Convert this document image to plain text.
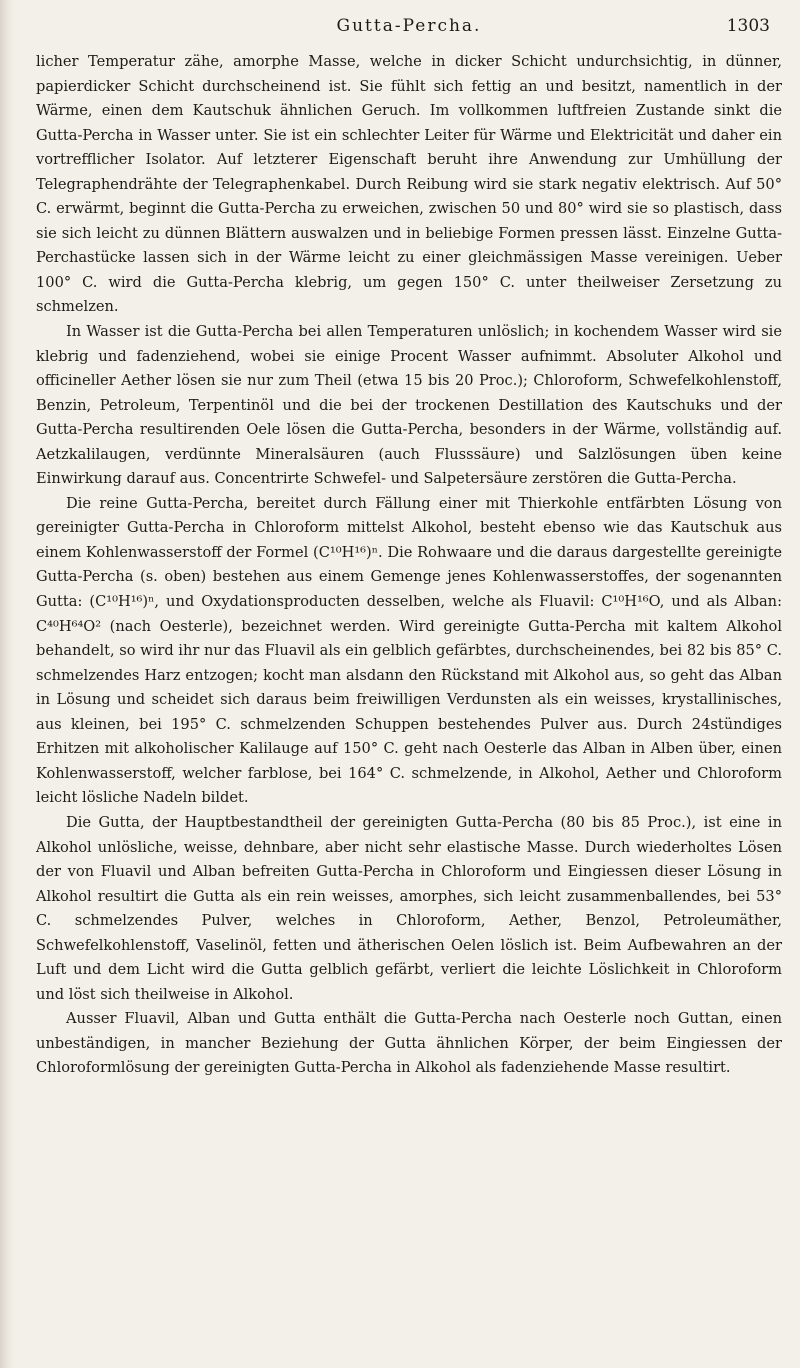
Gutta-Percha.	1303

licher Temperatur zähe, amorphe Masse, welche in dicker Schicht undurchsichtig, in dünner, papierdicker Schicht durchscheinend ist. Sie fühlt sich fettig an und besitzt, namentlich in der Wärme, einen dem Kautschuk ähnlichen Geruch. Im vollkommen luftfreien Zustande sinkt die Gutta-Percha in Wasser unter. Sie ist ein schlechter Leiter für Wärme und Elektricität und daher ein vortrefflicher Isolator. Auf letzterer Eigenschaft beruht ihre Anwendung zur Umhüllung der Telegraphendrähte der Telegraphenkabel. Durch Reibung wird sie stark negativ elektrisch. Auf 50° C. erwärmt, beginnt die Gutta-Percha zu erweichen, zwischen 50 und 80° wird sie so plastisch, dass sie sich leicht zu dünnen Blättern auswalzen und in beliebige Formen pressen lässt. Einzelne Gutta-Perchastücke lassen sich in der Wärme leicht zu einer gleichmässigen Masse vereinigen. Ueber 100° C. wird die Gutta-Percha klebrig, um gegen 150° C. unter theilweiser Zersetzung zu schmelzen.

In Wasser ist die Gutta-Percha bei allen Temperaturen unlöslich; in kochendem Wasser wird sie klebrig und fadenziehend, wobei sie einige Procent Wasser aufnimmt. Absoluter Alkohol und officineller Aether lösen sie nur zum Theil (etwa 15 bis 20 Proc.); Chloroform, Schwefelkohlenstoff, Benzin, Petroleum, Terpentinöl und die bei der trockenen Destillation des Kautschuks und der Gutta-Percha resultirenden Oele lösen die Gutta-Percha, besonders in der Wärme, vollständig auf. Aetzkalilaugen, verdünnte Mineralsäuren (auch Flusssäure) und Salzlösungen üben keine Einwirkung darauf aus. Concentrirte Schwefel- und Salpetersäure zerstören die Gutta-Percha.

Die reine Gutta-Percha, bereitet durch Fällung einer mit Thierkohle entfärbten Lösung von gereinigter Gutta-Percha in Chloroform mittelst Alkohol, besteht ebenso wie das Kautschuk aus einem Kohlenwasserstoff der Formel (C¹⁰H¹⁶)ⁿ. Die Rohwaare und die daraus dargestellte gereinigte Gutta-Percha (s. oben) bestehen aus einem Gemenge jenes Kohlenwasserstoffes, der sogenannten Gutta: (C¹⁰H¹⁶)ⁿ, und Oxydationsproducten desselben, welche als Fluavil: C¹⁰H¹⁶O, und als Alban: C⁴⁰H⁶⁴O² (nach Oesterle), bezeichnet werden. Wird gereinigte Gutta-Percha mit kaltem Alkohol behandelt, so wird ihr nur das Fluavil als ein gelblich gefärbtes, durchscheinendes, bei 82 bis 85° C. schmelzendes Harz entzogen; kocht man alsdann den Rückstand mit Alkohol aus, so geht das Alban in Lösung und scheidet sich daraus beim freiwilligen Verdunsten als ein weisses, krystallinisches, aus kleinen, bei 195° C. schmelzenden Schuppen bestehendes Pulver aus. Durch 24stündiges Erhitzen mit alkoholischer Kalilauge auf 150° C. geht nach Oesterle das Alban in Alben über, einen Kohlenwasserstoff, welcher farblose, bei 164° C. schmelzende, in Alkohol, Aether und Chloroform leicht lösliche Nadeln bildet.

Die Gutta, der Hauptbestandtheil der gereinigten Gutta-Percha (80 bis 85 Proc.), ist eine in Alkohol unlösliche, weisse, dehnbare, aber nicht sehr elastische Masse. Durch wiederholtes Lösen der von Fluavil und Alban befreiten Gutta-Percha in Chloroform und Eingiessen dieser Lösung in Alkohol resultirt die Gutta als ein rein weisses, amorphes, sich leicht zusammenballendes, bei 53° C. schmelzendes Pulver, welches in Chloroform, Aether, Benzol, Petroleumäther, Schwefelkohlenstoff, Vaselinöl, fetten und ätherischen Oelen löslich ist. Beim Aufbewahren an der Luft und dem Licht wird die Gutta gelblich gefärbt, verliert die leichte Löslichkeit in Chloroform und löst sich theilweise in Alkohol.

Ausser Fluavil, Alban und Gutta enthält die Gutta-Percha nach Oesterle noch Guttan, einen unbeständigen, in mancher Beziehung der Gutta ähnlichen Körper, der beim Eingiessen der Chloroformlösung der gereinigten Gutta-Percha in Alkohol als fadenziehende Masse resultirt.
